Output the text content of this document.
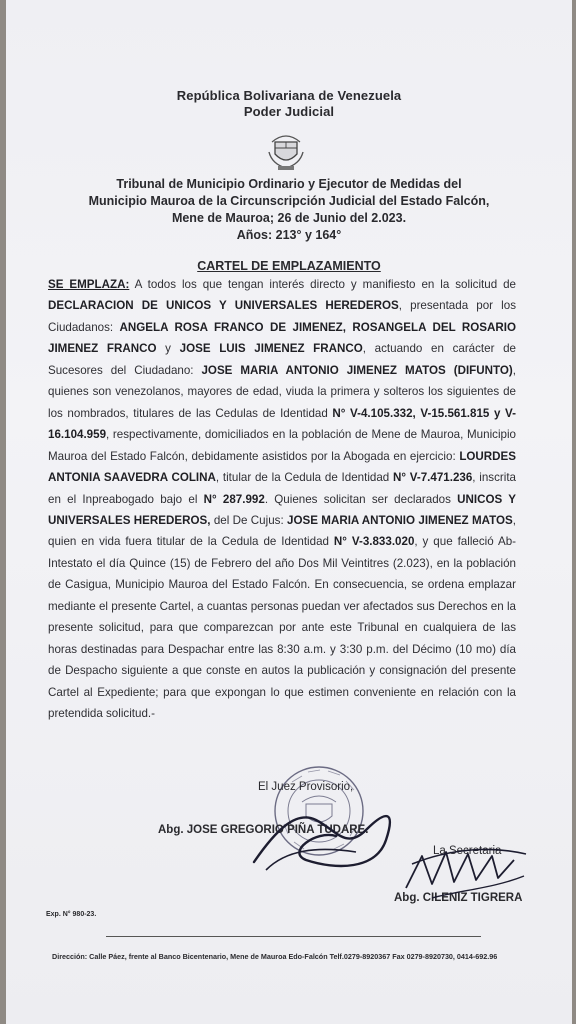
República Bolivariana de Venezuela
Poder Judicial
Tribunal de Municipio Ordinario y Ejecutor de Medidas del
Municipio Mauroa de la Circunscripción Judicial del Estado Falcón,
Mene de Mauroa; 26 de Junio del 2.023.
Años: 213° y 164°
CARTEL DE EMPLAZAMIENTO
SE EMPLAZA: A todos los que tengan interés directo y manifiesto en la solicitud de DECLARACION DE UNICOS Y UNIVERSALES HEREDEROS, presentada por los Ciudadanos: ANGELA ROSA FRANCO DE JIMENEZ, ROSANGELA DEL ROSARIO JIMENEZ FRANCO y JOSE LUIS JIMENEZ FRANCO, actuando en carácter de Sucesores del Ciudadano: JOSE MARIA ANTONIO JIMENEZ MATOS (DIFUNTO), quienes son venezolanos, mayores de edad, viuda la primera y solteros los siguientes de los nombrados, titulares de las Cedulas de Identidad N° V-4.105.332, V-15.561.815 y V-16.104.959, respectivamente, domiciliados en la población de Mene de Mauroa, Municipio Mauroa del Estado Falcón, debidamente asistidos por la Abogada en ejercicio: LOURDES ANTONIA SAAVEDRA COLINA, titular de la Cedula de Identidad N° V-7.471.236, inscrita en el Inpreabogado bajo el N° 287.992. Quienes solicitan ser declarados UNICOS Y UNIVERSALES HEREDEROS, del De Cujus: JOSE MARIA ANTONIO JIMENEZ MATOS, quien en vida fuera titular de la Cedula de Identidad N° V-3.833.020, y que falleció Ab-Intestato el día Quince (15) de Febrero del año Dos Mil Veintitres (2.023), en la población de Casigua, Municipio Mauroa del Estado Falcón. En consecuencia, se ordena emplazar mediante el presente Cartel, a cuantas personas puedan ver afectados sus Derechos en la presente solicitud, para que comparezcan por ante este Tribunal en cualquiera de las horas destinadas para Despachar entre las 8:30 a.m. y 3:30 p.m. del Décimo (10 mo) día de Despacho siguiente a que conste en autos la publicación y consignación del presente Cartel al Expediente; para que expongan lo que estimen conveniente en relación con la pretendida solicitud.-
El Juez Provisorio,
Abg. JOSE GREGORIO PIÑA TUDARE.
La Secretaria
Abg. CILENIZ TIGRERA
Exp. N° 980-23.
Dirección: Calle Páez, frente al Banco Bicentenario, Mene de Mauroa Edo-Falcón Telf.0279-8920367 Fax 0279-8920730, 0414-692.96
